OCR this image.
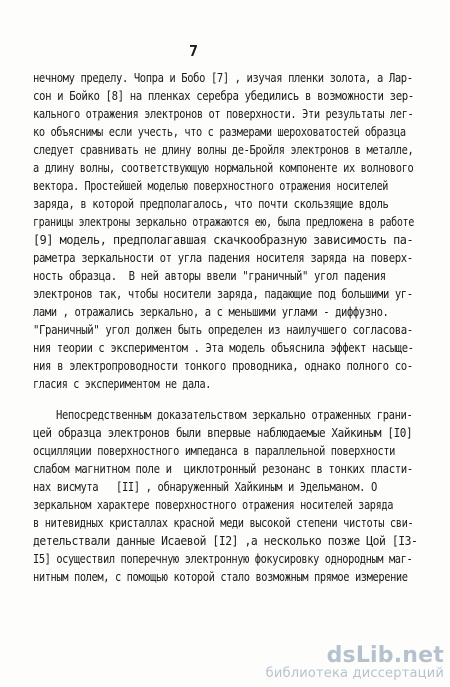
7
нечному пределу. Чопра и Бобо [7] , изучая пленки золота, а Лар-
сон и Бойко [8] на пленках серебра убедились в возможности зер-
кального отражения электронов от поверхности. Эти результаты лег-
ко объяснимы если учесть, что с размерами шероховатостей образца
следует сравнивать не длину волны де-Бройля электронов в металле,
а длину волны, соответствующую нормальной компоненте их волнового
вектора. Простейшей моделью поверхностного отражения носителей
заряда, в которой предполагалось, что почти скользящие вдоль
границы электроны зеркально отражаются ею, была предложена в работе
[9] модель, предполагавшая скачкообразную зависимость па-
раметра зеркальности от угла падения носителя заряда на поверх-
ность образца.  В ней авторы ввели "граничный" угол падения
электронов так, чтобы носители заряда, падающие под большими уг-
лами , отражались зеркально, а с меньшими углами - диффузно.
"Граничный" угол должен быть определен из наилучшего согласова-
ния теории с экспериментом . Эта модель объяснила эффект насыще-
ния в электропроводности тонкого проводника, однако полного со-
гласия с экспериментом не дала.
Непосредственным доказательством зеркально отраженных грани-
цей образца электронов были впервые наблюдаемые Хайкиным [I0]
осцилляции поверхностного импеданса в параллельной поверхности
слабом магнитном поле и  циклотронный резонанс в тонких пласти-
нах висмута   [II] , обнаруженный Хайкиным и Эдельманом. О
зеркальном характере поверхностного отражения носителей заряда
в нитевидных кристаллах красной меди высокой степени чистоты сви-
детельствали данные Исаевой [I2] ,а несколько позже Цой [I3-
I5] осуществил поперечную электронную фокусировку однородным маг-
нитным полем, с помощью которой стало возможным прямое измерение
dsLib.net
библиотека диссертаций
